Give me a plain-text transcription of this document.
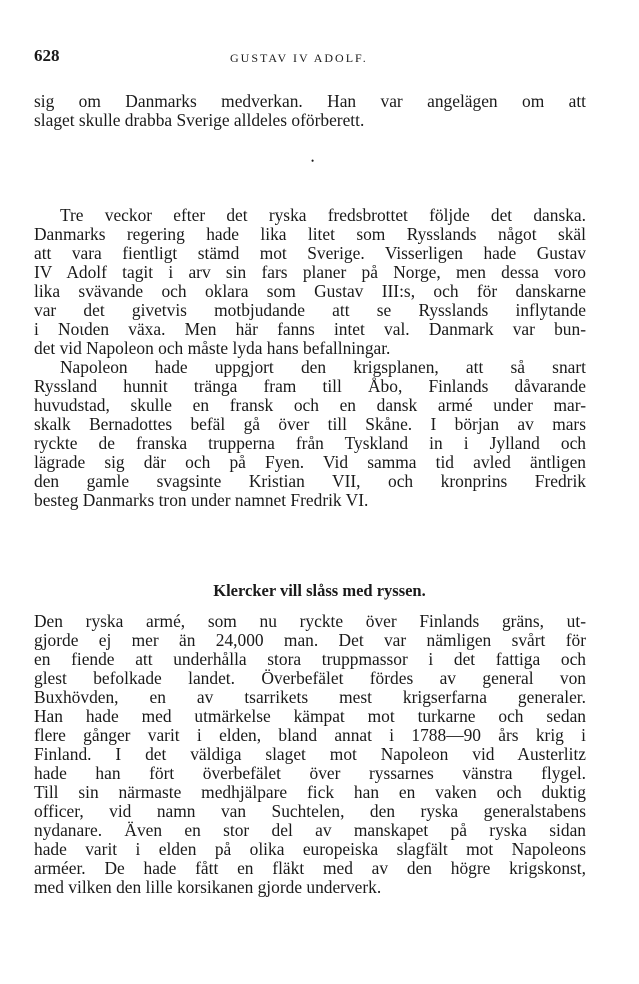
628	GUSTAV IV ADOLF.
sig om Danmarks medverkan. Han var angelägen om att
slaget skulle drabba Sverige alldeles oförberett.
•
Tre veckor efter det ryska fredsbrottet följde det danska.
Danmarks regering hade lika litet som Rysslands något skäl
att vara fientligt stämd mot Sverige. Visserligen hade Gustav
IV Adolf tagit i arv sin fars planer på Norge, men dessa voro
lika svävande och oklara som Gustav III:s, och för danskarne
var det givetvis motbjudande att se Rysslands inflytande
i Noιden växa. Men här fanns intet val. Danmark var bun-
det vid Napoleon och måste lyda hans befallningar.
Napoleon hade uppgjort den krigsplanen, att så snart
Ryssland hunnit tränga fram till Åbo, Finlands dåvarande
huvudstad, skulle en fransk och en dansk armé under mar-
skalk Bernadottes befäl gå över till Skåne. I början av mars
ryckte de franska trupperna från Tyskland in i Jylland och
lägrade sig där och på Fyen. Vid samma tid avled äntligen
den gamle svagsinte Kristian VII, och kronprins Fredrik
besteg Danmarks tron under namnet Fredrik VI.
Klercker vill slåss med ryssen.
Den ryska armé, som nu ryckte över Finlands gräns, ut-
gjorde ej mer än 24,000 man. Det var nämligen svårt för
en fiende att underhålla stora truppmassor i det fattiga och
glest befolkade landet. Överbefälet fördes av general von
Buxhövden, en av tsarrikets mest krigserfarna generaler.
Han hade med utmärkelse kämpat mot turkarne och sedan
flere gånger varit i elden, bland annat i 1788—90 års krig i
Finland. I det väldiga slaget mot Napoleon vid Austerlitz
hade han fört överbefälet över ryssarnes vänstra flygel.
Till sin närmaste medhjälpare fick han en vaken och duktig
officer, vid namn van Suchtelen, den ryska generalstabens
nydanare. Även en stor del av manskapet på ryska sidan
hade varit i elden på olika europeiska slagfält mot Napoleons
arméer. De hade fått en fläkt med av den högre krigskonst,
med vilken den lille korsikanen gjorde underverk.
